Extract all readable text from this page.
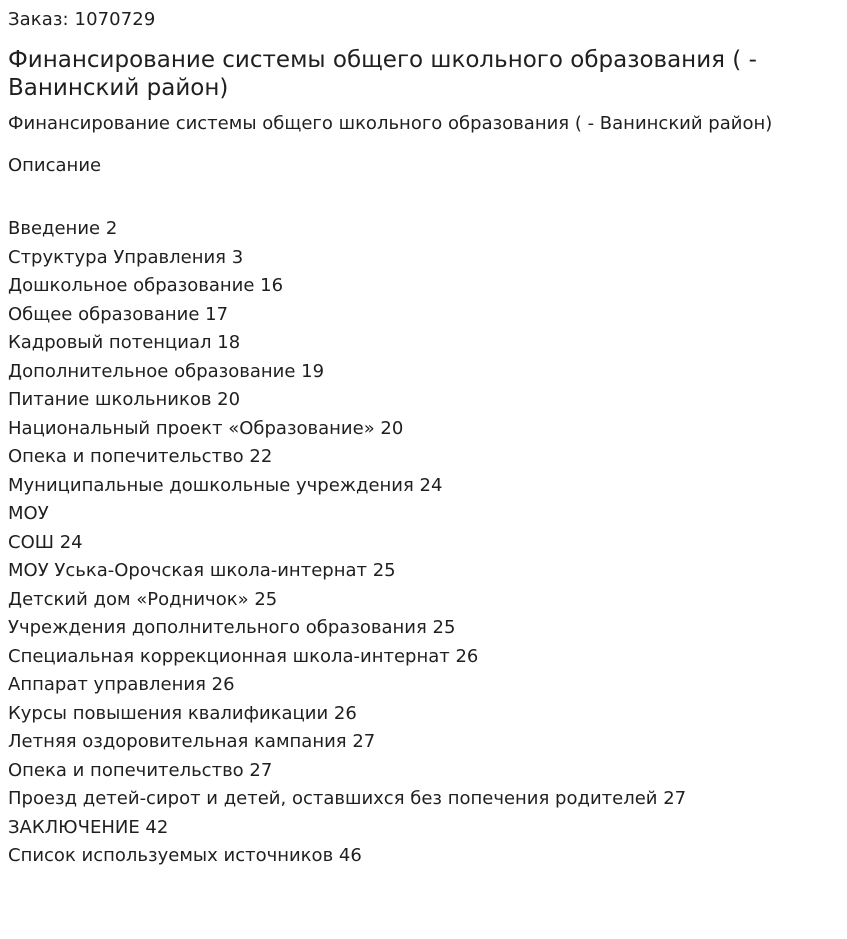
Заказ: 1070729
Финансирование системы общего школьного образования ( - Ванинский район)
Финансирование системы общего школьного образования ( - Ванинский район)
Описание
Введение 2
Структура Управления 3
Дошкольное образование 16
Общее образование 17
Кадровый потенциал 18
Дополнительное образование 19
Питание школьников 20
Национальный проект «Образование» 20
Опека и попечительство 22
Муниципальные дошкольные учреждения 24
МОУ
СОШ 24
МОУ Уська-Орочская школа-интернат 25
Детский дом «Родничок» 25
Учреждения дополнительного образования 25
Специальная коррекционная школа-интернат 26
Аппарат управления 26
Курсы повышения квалификации 26
Летняя оздоровительная кампания 27
Опека и попечительство 27
Проезд детей-сирот и детей, оставшихся без попечения родителей 27
ЗАКЛЮЧЕНИЕ 42
Список используемых источников 46
